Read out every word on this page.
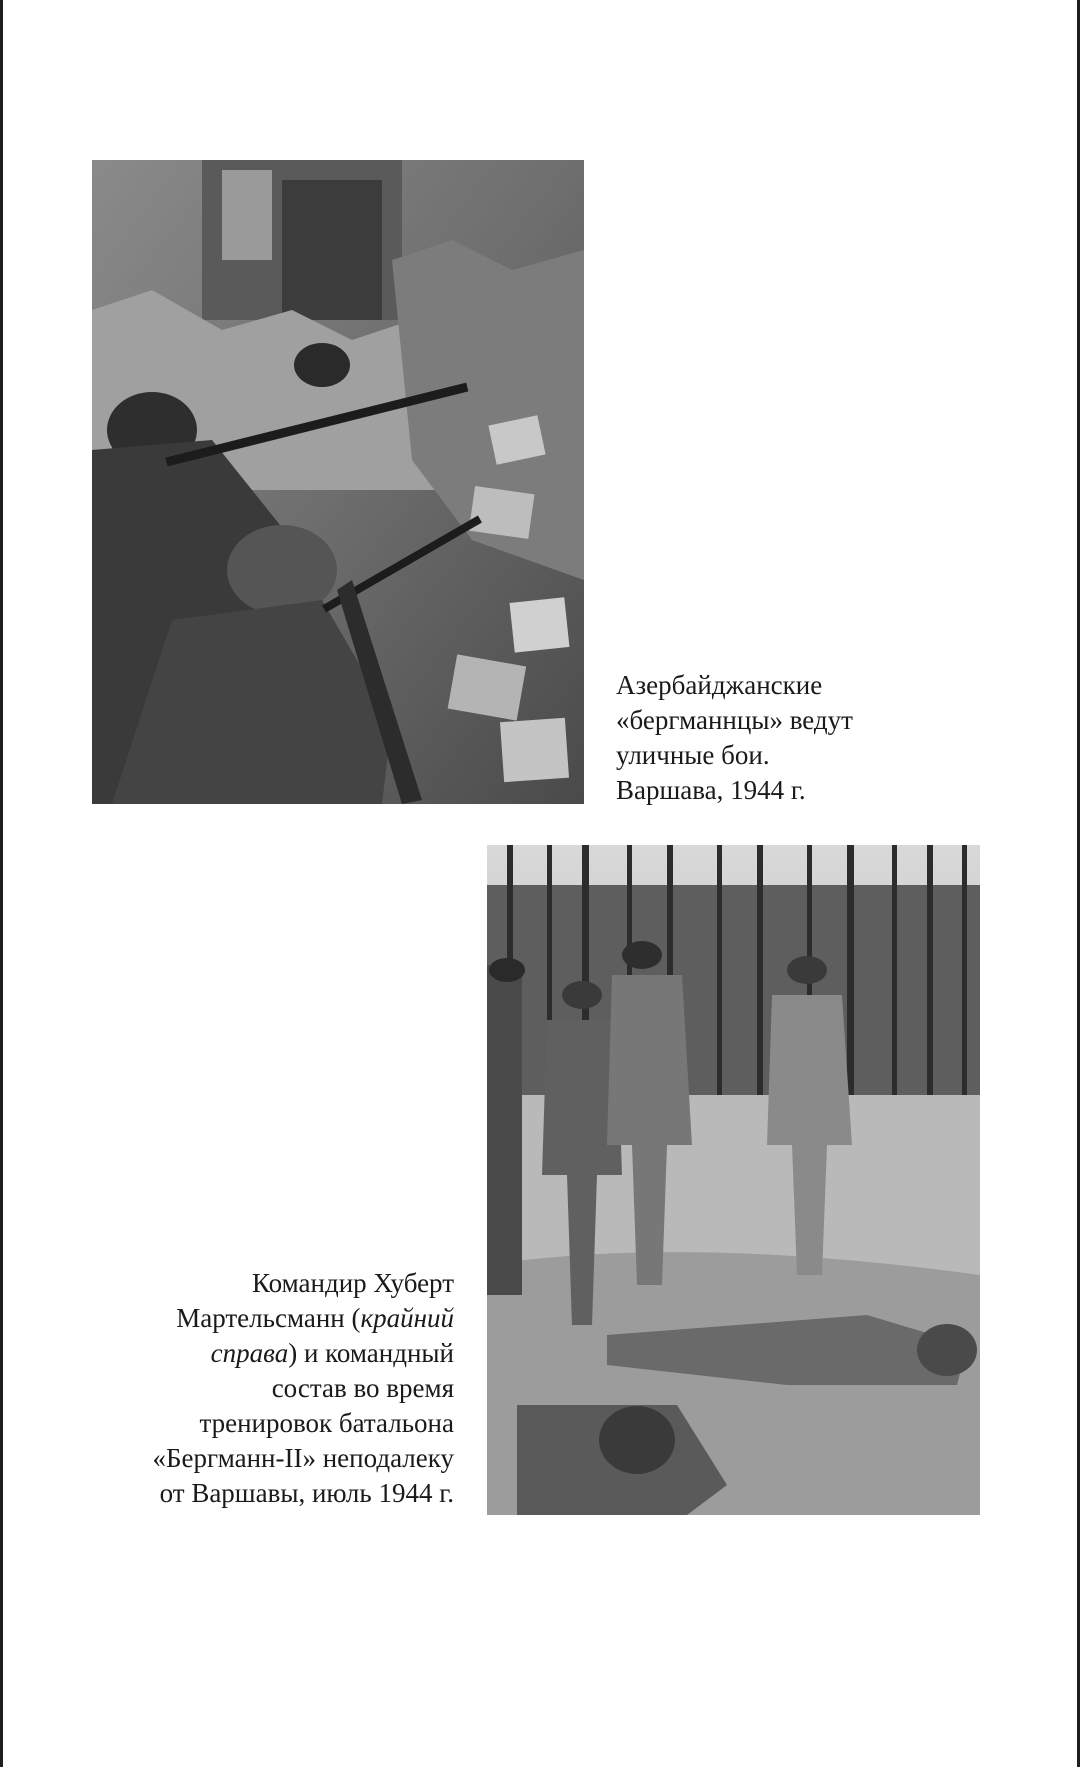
Азербайджанские
«бергманнцы» ведут
уличные бои.
Варшава, 1944 г.
Командир Хуберт
Мартельсманн (крайний
справа) и командный
состав во время
тренировок батальона
«Бергманн-II» неподалеку
от Варшавы, июль 1944 г.
